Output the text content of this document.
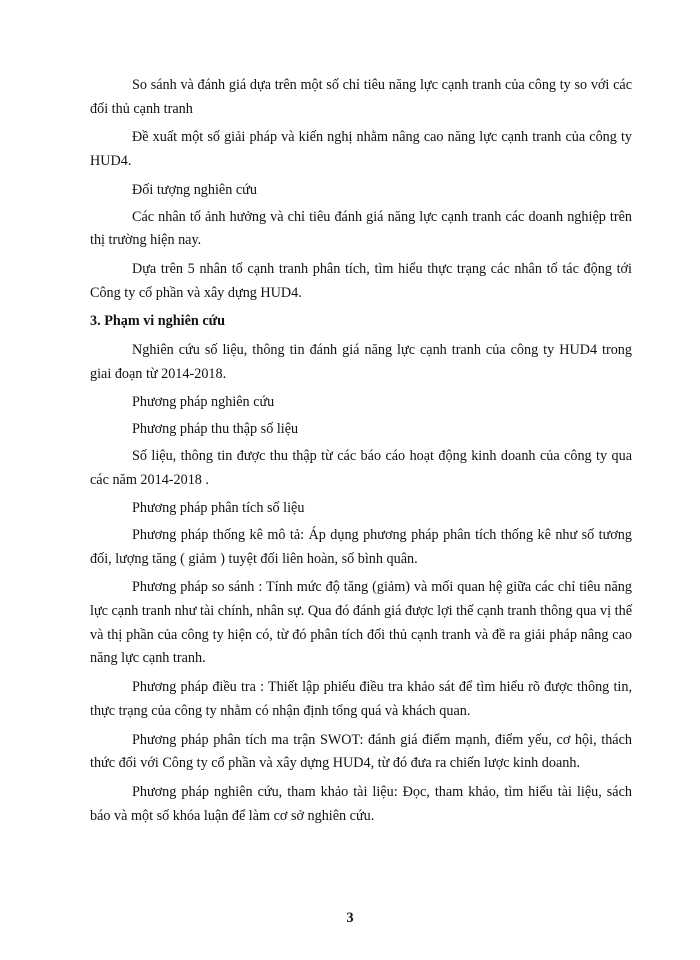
So sánh và đánh giá dựa trên một số chỉ tiêu năng lực cạnh tranh của công ty so với các đối thủ cạnh tranh

Đề xuất một số giải pháp và kiến nghị nhằm nâng cao năng lực cạnh tranh của công ty HUD4.

Đối tượng nghiên cứu

Các nhân tố ảnh hưởng và chỉ tiêu đánh giá năng lực cạnh tranh các doanh nghiệp trên thị trường hiện nay.

Dựa trên 5 nhân tố cạnh tranh phân tích, tìm hiểu thực trạng các nhân tố tác động tới Công ty cổ phần và xây dựng HUD4.

3. Phạm vi nghiên cứu

Nghiên cứu số liệu, thông tin đánh giá năng lực cạnh tranh của công ty HUD4 trong giai đoạn từ 2014-2018.

Phương pháp nghiên cứu

Phương pháp thu thập số liệu

Số liệu, thông tin được thu thập từ các báo cáo hoạt động kinh doanh của công ty qua các năm 2014-2018 .

Phương pháp phân tích số liệu

Phương pháp thống kê mô tả: Áp dụng phương pháp phân tích thống kê như số tương đối, lượng tăng ( giảm ) tuyệt đối liên hoàn, số bình quân.

Phương pháp so sánh : Tính mức độ tăng (giảm) và mối quan hệ giữa các chỉ tiêu năng lực cạnh tranh như tài chính, nhân sự. Qua đó đánh giá được lợi thế cạnh tranh thông qua vị thế và thị phần của công ty hiện có, từ đó phân tích đối thủ cạnh tranh và đề ra giải pháp nâng cao năng lực cạnh tranh.

Phương pháp điều tra : Thiết lập phiếu điều tra khảo sát để tìm hiểu rõ được thông tin, thực trạng của công ty nhằm có nhận định tổng quá và khách quan.

Phương pháp phân tích ma trận SWOT: đánh giá điểm mạnh, điểm yếu, cơ hội, thách thức đối với Công ty cổ phần và xây dựng HUD4, từ đó đưa ra chiến lược kinh doanh.

Phương pháp nghiên cứu, tham khảo tài liệu: Đọc, tham khảo, tìm hiểu tài liệu, sách báo và một số khóa luận để làm cơ sở nghiên cứu.

3
